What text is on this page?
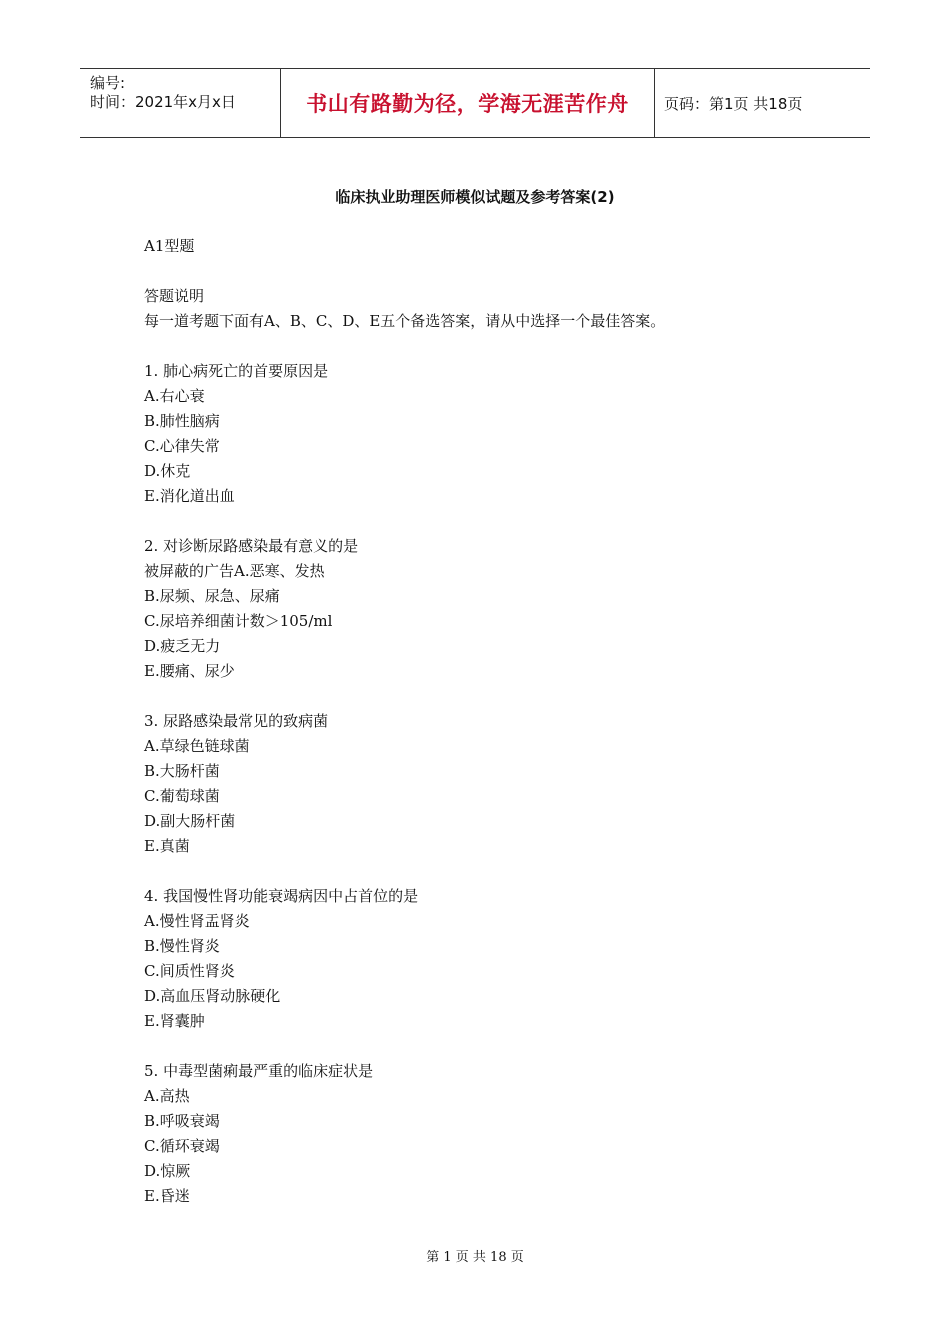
编号:
时间：2021年x月x日	书山有路勤为径，学海无涯苦作舟	页码：第1页 共18页
临床执业助理医师模似试题及参考答案(2)
A1型题
答题说明
每一道考题下面有A、B、C、D、E五个备选答案，请从中选择一个最佳答案。
1. 肺心病死亡的首要原因是
A.右心衰
B.肺性脑病
C.心律失常
D.休克
E.消化道出血
2. 对诊断尿路感染最有意义的是
被屏蔽的广告A.恶寒、发热
B.尿频、尿急、尿痛
C.尿培养细菌计数＞105/ml
D.疲乏无力
E.腰痛、尿少
3. 尿路感染最常见的致病菌
A.草绿色链球菌
B.大肠杆菌
C.葡萄球菌
D.副大肠杆菌
E.真菌
4. 我国慢性肾功能衰竭病因中占首位的是
A.慢性肾盂肾炎
B.慢性肾炎
C.间质性肾炎
D.高血压肾动脉硬化
E.肾囊肿
5. 中毒型菌痢最严重的临床症状是
A.高热
B.呼吸衰竭
C.循环衰竭
D.惊厥
E.昏迷
第 1 页 共 18 页
